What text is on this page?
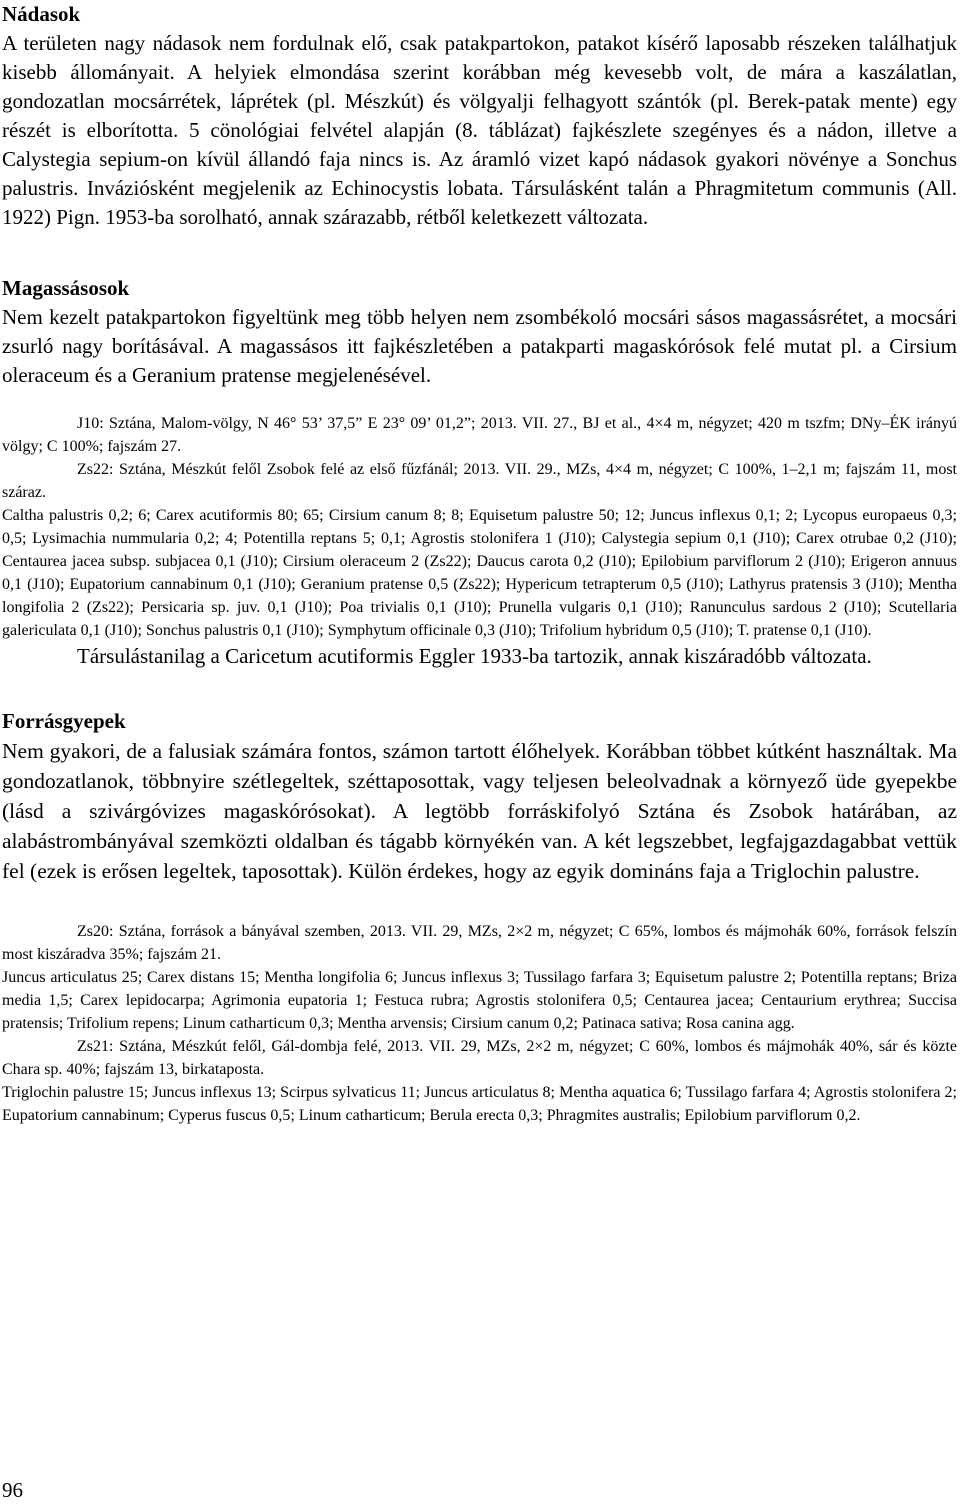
Nádasok

A területen nagy nádasok nem fordulnak elő, csak patakpartokon, patakot kísérő laposabb részeken találhatjuk kisebb állományait. A helyiek elmondása szerint korábban még kevesebb volt, de mára a kaszálatlan, gondozatlan mocsárrétek, láprétek (pl. Mészkút) és völgyalji felhagyott szántók (pl. Berek-patak mente) egy részét is elborította. 5 cönológiai felvétel alapján (8. táblázat) fajkészlete szegényes és a nádon, illetve a Calystegia sepium-on kívül állandó faja nincs is. Az áramló vizet kapó nádasok gyakori növénye a Sonchus palustris. Inváziósként megjelenik az Echinocystis lobata. Társulásként talán a Phragmitetum communis (All. 1922) Pign. 1953-ba sorolható, annak szárazabb, rétből keletkezett változata.

Magassásosok

Nem kezelt patakpartokon figyeltünk meg több helyen nem zsombékoló mocsári sásos magassásrétet, a mocsári zsurló nagy borításával. A magassásos itt fajkészletében a patakparti magaskórósok felé mutat pl. a Cirsium oleraceum és a Geranium pratense megjelenésével.

J10: Sztána, Malom-völgy, N 46° 53’ 37,5” E 23° 09’ 01,2”; 2013. VII. 27., BJ et al., 4×4 m, négyzet; 420 m tszfm; DNy–ÉK irányú völgy; C 100%; fajszám 27.

Zs22: Sztána, Mészkút felől Zsobok felé az első fűzfánál; 2013. VII. 29., MZs, 4×4 m, négyzet; C 100%, 1–2,1 m; fajszám 11, most száraz.

Caltha palustris 0,2; 6; Carex acutiformis 80; 65; Cirsium canum 8; 8; Equisetum palustre 50; 12; Juncus inflexus 0,1; 2; Lycopus europaeus 0,3; 0,5; Lysimachia nummularia 0,2; 4; Potentilla reptans 5; 0,1; Agrostis stolonifera 1 (J10); Calystegia sepium 0,1 (J10); Carex otrubae 0,2 (J10); Centaurea jacea subsp. subjacea 0,1 (J10); Cirsium oleraceum 2 (Zs22); Daucus carota 0,2 (J10); Epilobium parviflorum 2 (J10); Erigeron annuus 0,1 (J10); Eupatorium cannabinum 0,1 (J10); Geranium pratense 0,5 (Zs22); Hypericum tetrapterum 0,5 (J10); Lathyrus pratensis 3 (J10); Mentha longifolia 2 (Zs22); Persicaria sp. juv. 0,1 (J10); Poa trivialis 0,1 (J10); Prunella vulgaris 0,1 (J10); Ranunculus sardous 2 (J10); Scutellaria galericulata 0,1 (J10); Sonchus palustris 0,1 (J10); Symphytum officinale 0,3 (J10); Trifolium hybridum 0,5 (J10); T. pratense 0,1 (J10).

Társulástanilag a Caricetum acutiformis Eggler 1933-ba tartozik, annak kiszáradóbb változata.

Forrásgyepek

Nem gyakori, de a falusiak számára fontos, számon tartott élőhelyek. Korábban többet kútként használtak. Ma gondozatlanok, többnyire szétlegeltek, széttaposottak, vagy teljesen beleolvadnak a környező üde gyepekbe (lásd a szivárgóvizes magaskórósokat). A legtöbb forráskifolyó Sztána és Zsobok határában, az alabástrombányával szemközti oldalban és tágabb környékén van. A két legszebbet, legfajgazdagabbat vettük fel (ezek is erősen legeltek, taposottak). Külön érdekes, hogy az egyik domináns faja a Triglochin palustre.

Zs20: Sztána, források a bányával szemben, 2013. VII. 29, MZs, 2×2 m, négyzet; C 65%, lombos és májmohák 60%, források felszín most kiszáradva 35%; fajszám 21.

Juncus articulatus 25; Carex distans 15; Mentha longifolia 6; Juncus inflexus 3; Tussilago farfara 3; Equisetum palustre 2; Potentilla reptans; Briza media 1,5; Carex lepidocarpa; Agrimonia eupatoria 1; Festuca rubra; Agrostis stolonifera 0,5; Centaurea jacea; Centaurium erythrea; Succisa pratensis; Trifolium repens; Linum catharticum 0,3; Mentha arvensis; Cirsium canum 0,2; Patinaca sativa; Rosa canina agg.

Zs21: Sztána, Mészkút felől, Gál-dombja felé, 2013. VII. 29, MZs, 2×2 m, négyzet; C 60%, lombos és májmohák 40%, sár és közte Chara sp. 40%; fajszám 13, birkataposta.

Triglochin palustre 15; Juncus inflexus 13; Scirpus sylvaticus 11; Juncus articulatus 8; Mentha aquatica 6; Tussilago farfara 4; Agrostis stolonifera 2; Eupatorium cannabinum; Cyperus fuscus 0,5; Linum catharticum; Berula erecta 0,3; Phragmites australis; Epilobium parviflorum 0,2.

96
